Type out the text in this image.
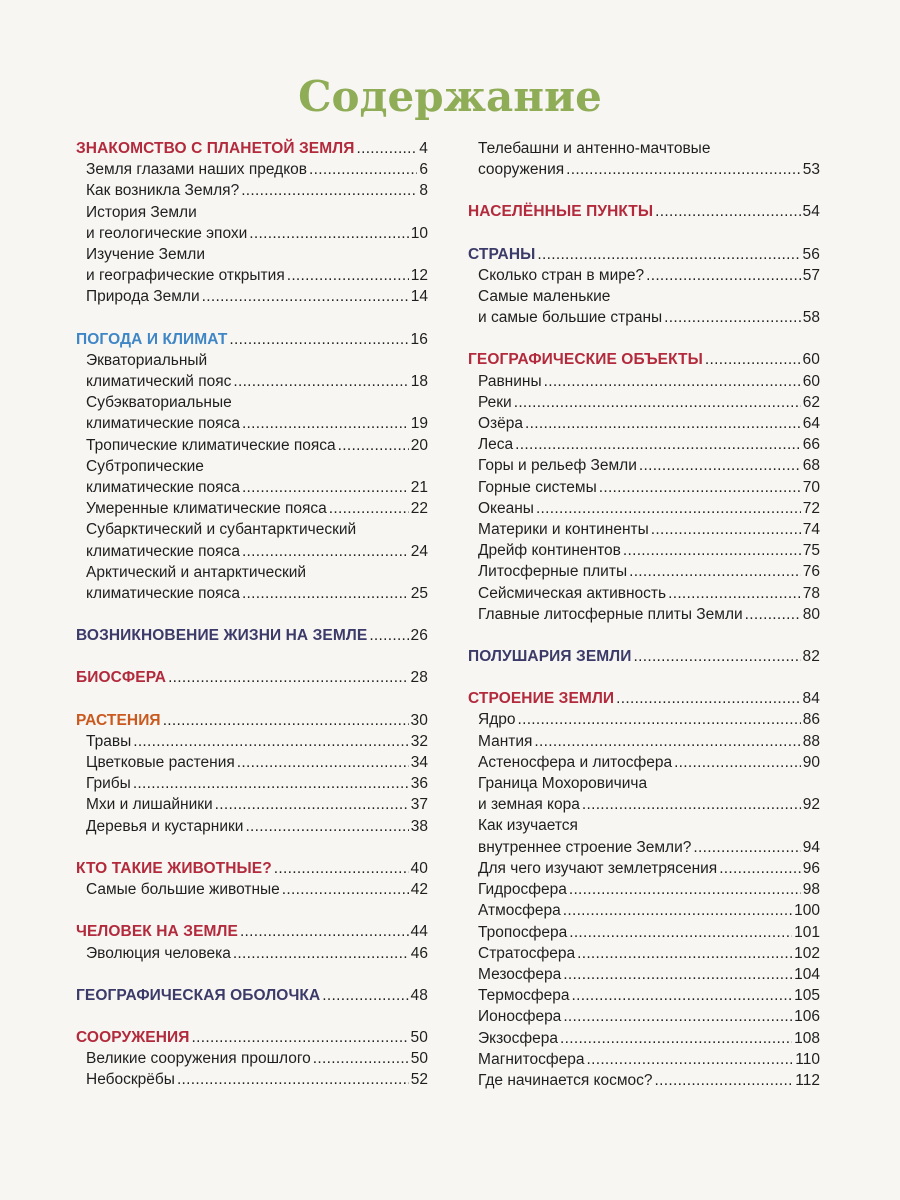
Содержание
ЗНАКОМСТВО С ПЛАНЕТОЙ ЗЕМЛЯ .....	4
Земля глазами наших предков .....	6
Как возникла Земля? .....	8
История Земли
и геологические эпохи .....	10
Изучение Земли
и географические открытия .....	12
Природа Земли .....	14
ПОГОДА И КЛИМАТ .....	16
Экваториальный
климатический пояс .....	18
Субэкваториальные
климатические пояса .....	19
Тропические климатические пояса .....	20
Субтропические
климатические пояса .....	21
Умеренные климатические пояса .....	22
Субарктический и субантарктический
климатические пояса .....	24
Арктический и антарктический
климатические пояса .....	25
ВОЗНИКНОВЕНИЕ ЖИЗНИ НА ЗЕМЛЕ .....	26
БИОСФЕРА .....	28
РАСТЕНИЯ .....	30
Травы .....	32
Цветковые растения .....	34
Грибы .....	36
Мхи и лишайники .....	37
Деревья и кустарники .....	38
КТО ТАКИЕ ЖИВОТНЫЕ? .....	40
Самые большие животные .....	42
ЧЕЛОВЕК НА ЗЕМЛЕ .....	44
Эволюция человека .....	46
ГЕОГРАФИЧЕСКАЯ ОБОЛОЧКА .....	48
СООРУЖЕНИЯ .....	50
Великие сооружения прошлого .....	50
Небоскрёбы .....	52
Телебашни и антенно-мачтовые
сооружения .....	53
НАСЕЛЁННЫЕ ПУНКТЫ .....	54
СТРАНЫ .....	56
Сколько стран в мире? .....	57
Самые маленькие
и самые большие страны .....	58
ГЕОГРАФИЧЕСКИЕ ОБЪЕКТЫ .....	60
Равнины .....	60
Реки .....	62
Озёра .....	64
Леса .....	66
Горы и рельеф Земли .....	68
Горные системы .....	70
Океаны .....	72
Материки и континенты .....	74
Дрейф континентов .....	75
Литосферные плиты .....	76
Сейсмическая активность .....	78
Главные литосферные плиты Земли .....	80
ПОЛУШАРИЯ ЗЕМЛИ .....	82
СТРОЕНИЕ ЗЕМЛИ .....	84
Ядро .....	86
Мантия .....	88
Астеносфера и литосфера .....	90
Граница Мохоровичича
и земная кора .....	92
Как изучается
внутреннее строение Земли? .....	94
Для чего изучают землетрясения .....	96
Гидросфера .....	98
Атмосфера .....	100
Тропосфера .....	101
Стратосфера .....	102
Мезосфера .....	104
Термосфера .....	105
Ионосфера .....	106
Экзосфера .....	108
Магнитосфера .....	110
Где начинается космос? .....	112
